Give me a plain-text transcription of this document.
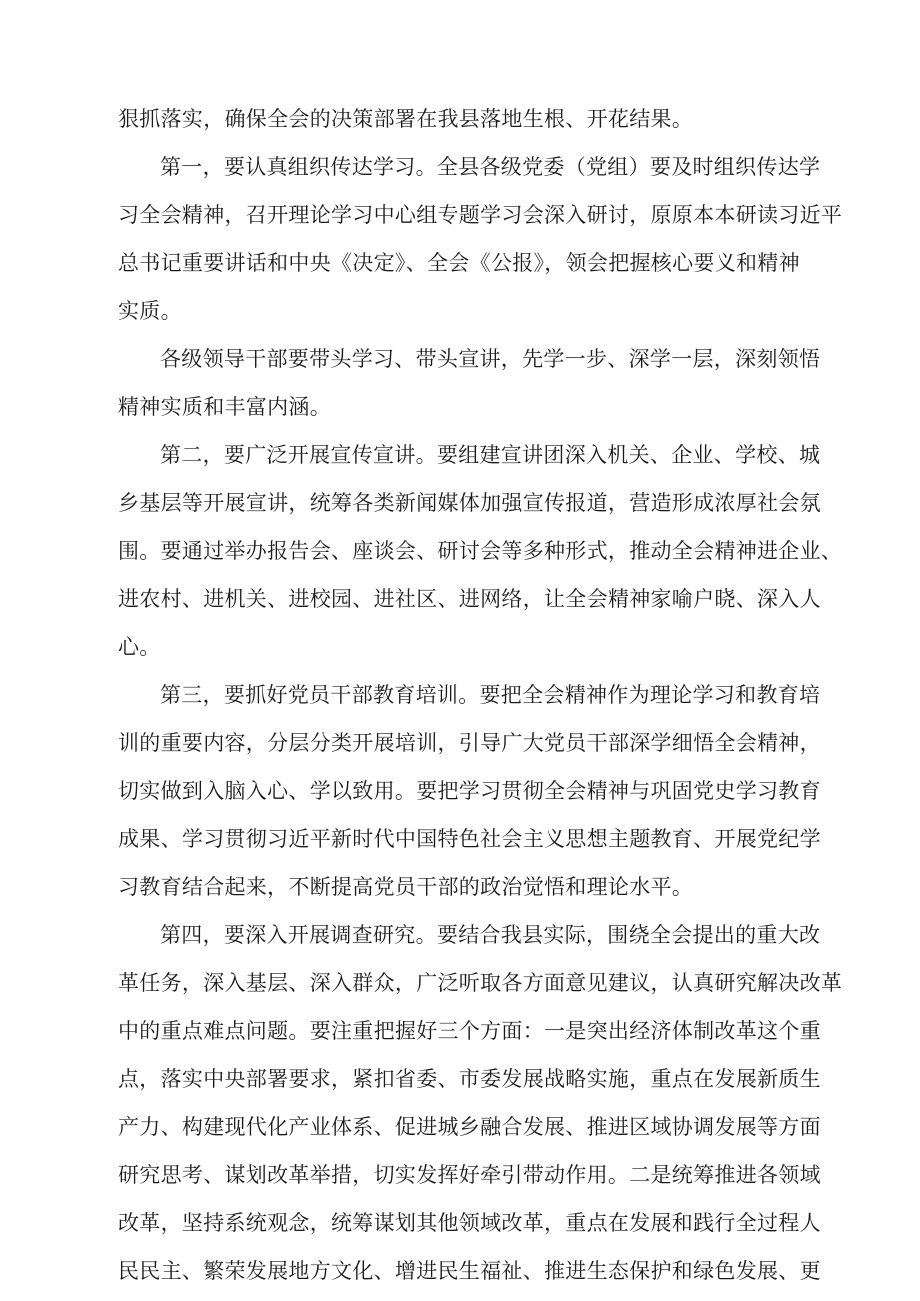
狠抓落实，确保全会的决策部署在我县落地生根、开花结果。
第一，要认真组织传达学习。全县各级党委（党组）要及时组织传达学
习全会精神，召开理论学习中心组专题学习会深入研讨，原原本本研读习近平
总书记重要讲话和中央《决定》、全会《公报》，领会把握核心要义和精神
实质。
各级领导干部要带头学习、带头宣讲，先学一步、深学一层，深刻领悟
精神实质和丰富内涵。
第二，要广泛开展宣传宣讲。要组建宣讲团深入机关、企业、学校、城
乡基层等开展宣讲，统筹各类新闻媒体加强宣传报道，营造形成浓厚社会氛
围。要通过举办报告会、座谈会、研讨会等多种形式，推动全会精神进企业、
进农村、进机关、进校园、进社区、进网络，让全会精神家喻户晓、深入人
心。
第三，要抓好党员干部教育培训。要把全会精神作为理论学习和教育培
训的重要内容，分层分类开展培训，引导广大党员干部深学细悟全会精神，
切实做到入脑入心、学以致用。要把学习贯彻全会精神与巩固党史学习教育
成果、学习贯彻习近平新时代中国特色社会主义思想主题教育、开展党纪学
习教育结合起来，不断提高党员干部的政治觉悟和理论水平。
第四，要深入开展调查研究。要结合我县实际，围绕全会提出的重大改
革任务，深入基层、深入群众，广泛听取各方面意见建议，认真研究解决改革
中的重点难点问题。要注重把握好三个方面：一是突出经济体制改革这个重
点，落实中央部署要求，紧扣省委、市委发展战略实施，重点在发展新质生
产力、构建现代化产业体系、促进城乡融合发展、推进区域协调发展等方面
研究思考、谋划改革举措，切实发挥好牵引带动作用。二是统筹推进各领域
改革，坚持系统观念，统筹谋划其他领域改革，重点在发展和践行全过程人
民民主、繁荣发展地方文化、增进民生福祉、推进生态保护和绿色发展、更
